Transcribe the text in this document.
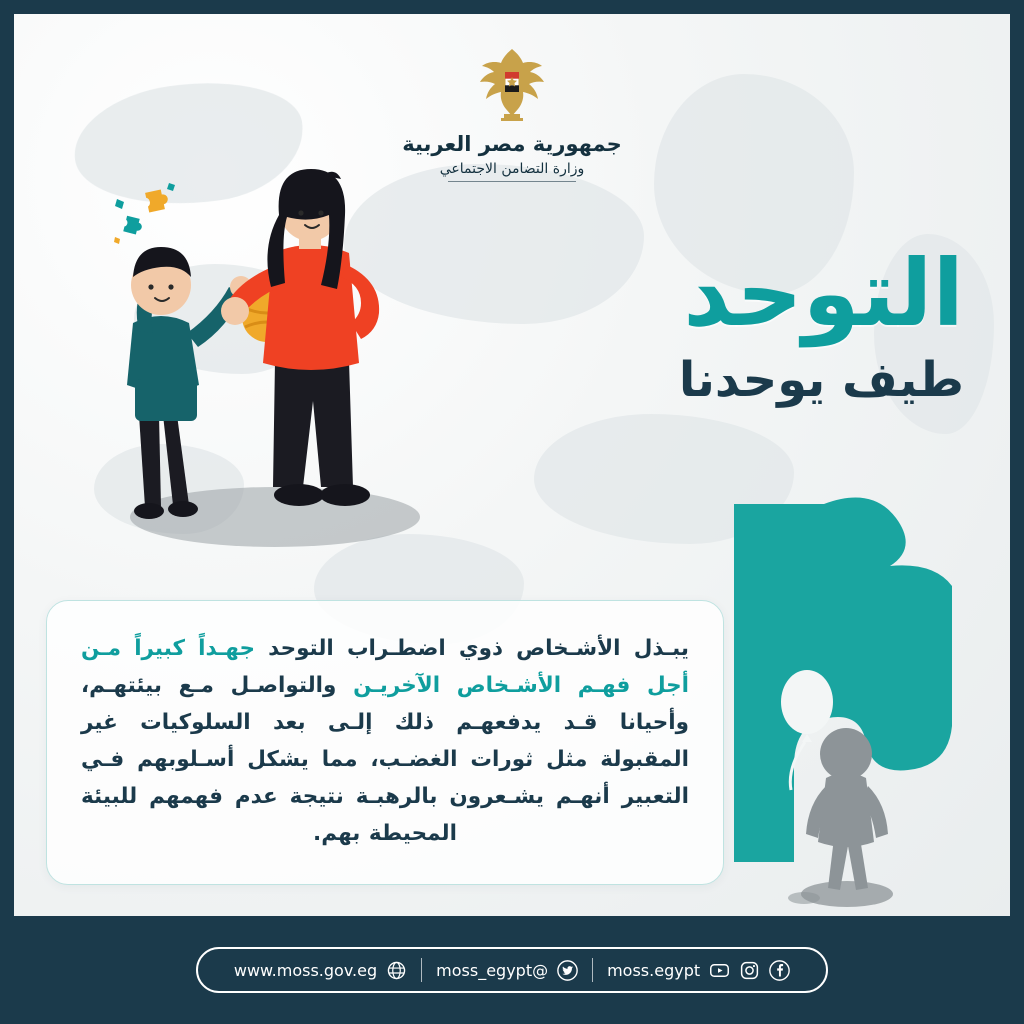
جمهورية مصر العربية
وزارة التضامن الاجتماعي
التوحد
طيف يوحدنا

يبـذل الأشـخاص ذوي اضطـراب التوحد جهـداً كبيراً مـن أجل فهـم الأشـخاص الآخريـن والتواصـل مـع بيئتهـم، وأحيانا قـد يدفعهـم ذلك إلـى بعد السلوكيات غير المقبولة مثل ثورات الغضـب، مما يشكل أسـلوبهم فـي التعبير أنهـم يشـعرون بالرهبـة نتيجة عدم فهمهم للبيئة المحيطة بهم.

moss.egypt
@moss_egypt
www.moss.gov.eg
